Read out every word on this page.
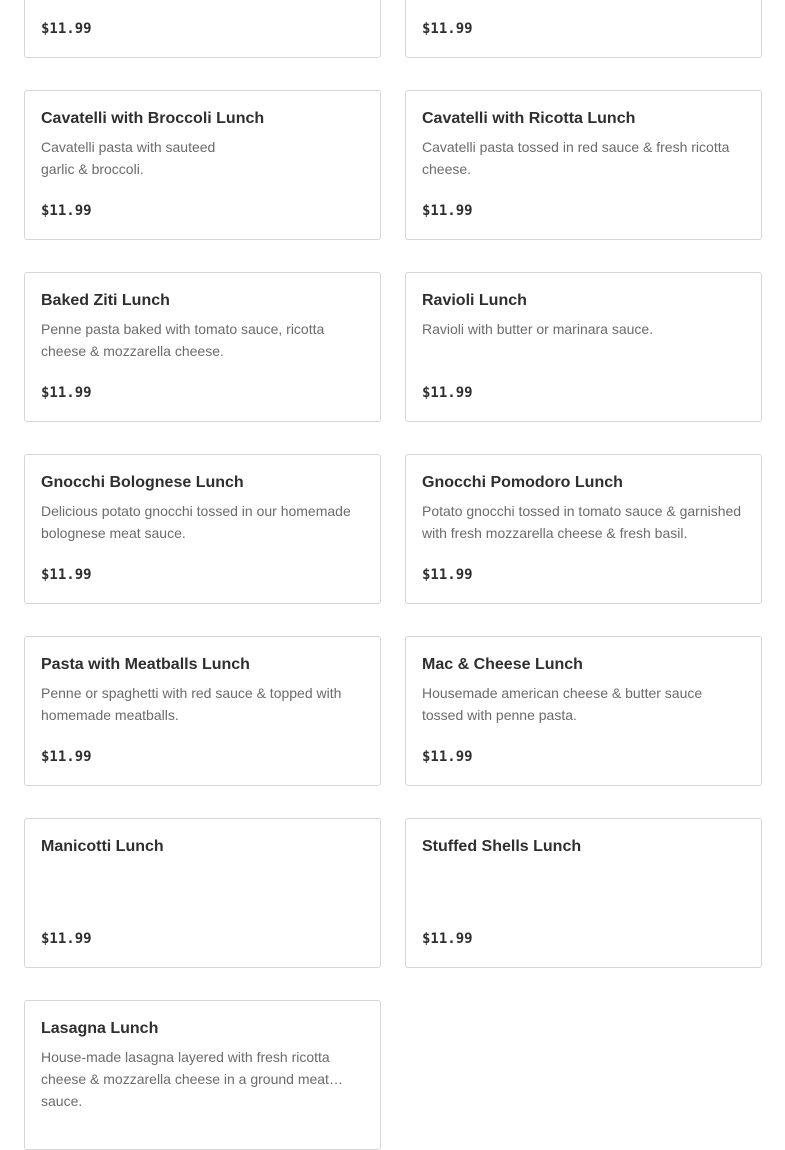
$11.99	$11.99
Cavatelli with Broccoli Lunch
Cavatelli pasta with sauteed garlic & broccoli.
$11.99
Cavatelli with Ricotta Lunch
Cavatelli pasta tossed in red sauce & fresh ricotta cheese.
$11.99
Baked Ziti Lunch
Penne pasta baked with tomato sauce, ricotta cheese & mozzarella cheese.
$11.99
Ravioli Lunch
Ravioli with butter or marinara sauce.
$11.99
Gnocchi Bolognese Lunch
Delicious potato gnocchi tossed in our homemade bolognese meat sauce.
$11.99
Gnocchi Pomodoro Lunch
Potato gnocchi tossed in tomato sauce & garnished with fresh mozzarella cheese & fresh basil.
$11.99
Pasta with Meatballs Lunch
Penne or spaghetti with red sauce & topped with homemade meatballs.
$11.99
Mac & Cheese Lunch
Housemade american cheese & butter sauce tossed with penne pasta.
$11.99
Manicotti Lunch
$11.99
Stuffed Shells Lunch
$11.99
Lasagna Lunch
House-made lasagna layered with fresh ricotta cheese & mozzarella cheese in a ground meat sauce.
